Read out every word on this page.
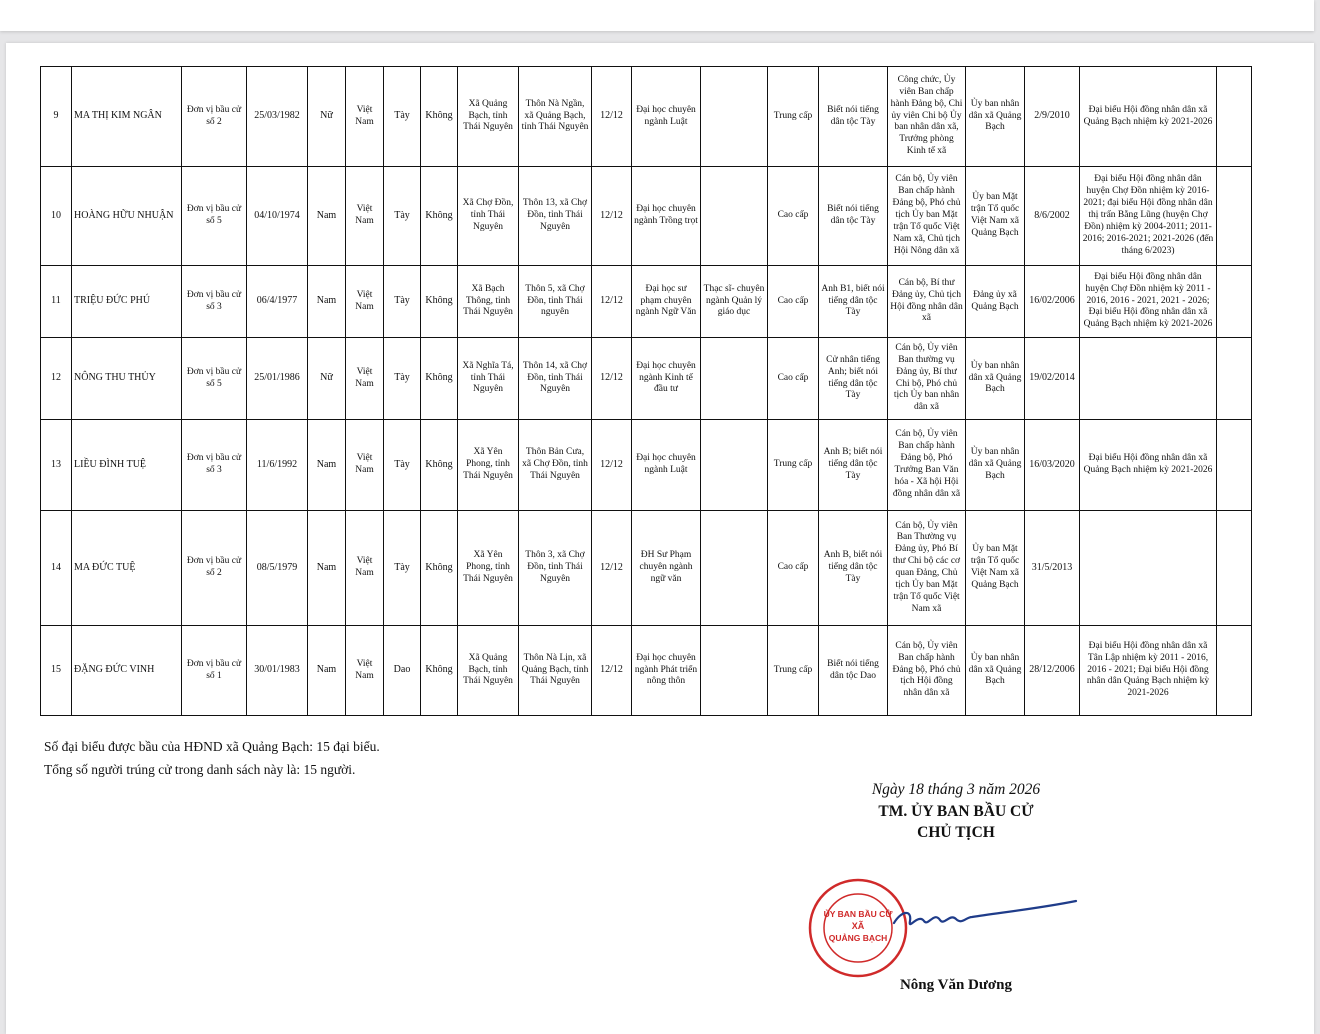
9	MA THỊ KIM NGÂN	Đơn vị bầu cử số 2	25/03/1982	Nữ	Việt Nam	Tày	Không	Xã Quảng Bạch, tỉnh Thái Nguyên	Thôn Nà Ngần, xã Quảng Bạch, tỉnh Thái Nguyên	12/12	Đại học chuyên ngành Luật		Trung cấp	Biết nói tiếng dân tộc Tày	Công chức, Ủy viên Ban chấp hành Đảng bộ, Chi ủy viên Chi bộ Ủy ban nhân dân xã, Trưởng phòng Kinh tế xã	Ủy ban nhân dân xã Quảng Bạch	2/9/2010	Đại biểu Hội đồng nhân dân xã Quảng Bạch nhiệm kỳ 2021-2026	
10	HOÀNG HỮU NHUẬN	Đơn vị bầu cử số 5	04/10/1974	Nam	Việt Nam	Tày	Không	Xã Chợ Đồn, tỉnh Thái Nguyên	Thôn 13, xã Chợ Đồn, tỉnh Thái Nguyên	12/12	Đại học chuyên ngành Trồng trọt		Cao cấp	Biết nói tiếng dân tộc Tày	Cán bộ, Ủy viên Ban chấp hành Đảng bộ, Phó chủ tịch Ủy ban Mặt trận Tổ quốc Việt Nam xã, Chủ tịch Hội Nông dân xã	Ủy ban Mặt trận Tổ quốc Việt Nam xã Quảng Bạch	8/6/2002	Đại biểu Hội đồng nhân dân huyện Chợ Đồn nhiệm kỳ 2016-2021; đại biểu Hội đồng nhân dân thị trấn Bằng Lũng (huyện Chợ Đồn) nhiệm kỳ 2004-2011; 2011-2016; 2016-2021; 2021-2026 (đến tháng 6/2023)	
11	TRIỆU ĐỨC PHÚ	Đơn vị bầu cử số 3	06/4/1977	Nam	Việt Nam	Tày	Không	Xã Bạch Thông, tỉnh Thái Nguyên	Thôn 5, xã Chợ Đồn, tỉnh Thái nguyên	12/12	Đại học sư phạm chuyên ngành Ngữ Văn	Thạc sĩ- chuyên ngành Quản lý giáo dục	Cao cấp	Anh B1, biết nói tiếng dân tộc Tày	Cán bộ, Bí thư Đảng ủy, Chủ tịch Hội đồng nhân dân xã	Đảng ủy xã Quảng Bạch	16/02/2006	Đại biểu Hội đồng nhân dân huyện Chợ Đồn nhiệm kỳ 2011 - 2016, 2016 - 2021, 2021 - 2026; Đại biểu Hội đồng nhân dân xã Quảng Bạch nhiệm kỳ 2021-2026	
12	NÔNG THU THỦY	Đơn vị bầu cử số 5	25/01/1986	Nữ	Việt Nam	Tày	Không	Xã Nghĩa Tá, tỉnh Thái Nguyên	Thôn 14, xã Chợ Đồn, tỉnh Thái Nguyên	12/12	Đại học chuyên ngành Kinh tế đầu tư		Cao cấp	Cử nhân tiếng Anh; biết nói tiếng dân tộc Tày	Cán bộ, Ủy viên Ban thường vụ Đảng ủy, Bí thư Chi bộ, Phó chủ tịch Ủy ban nhân dân xã	Ủy ban nhân dân xã Quảng Bạch	19/02/2014		
13	LIỀU ĐÌNH TUỆ	Đơn vị bầu cử số 3	11/6/1992	Nam	Việt Nam	Tày	Không	Xã Yên Phong, tỉnh Thái Nguyên	Thôn Bản Cưa, xã Chợ Đồn, tỉnh Thái Nguyên	12/12	Đại học chuyên ngành Luật		Trung cấp	Anh B; biết nói tiếng dân tộc Tày	Cán bộ, Ủy viên Ban chấp hành Đảng bộ, Phó Trưởng Ban Văn hóa - Xã hội Hội đồng nhân dân xã	Ủy ban nhân dân xã Quảng Bạch	16/03/2020	Đại biểu Hội đồng nhân dân xã Quảng Bạch nhiệm kỳ 2021-2026	
14	MA ĐỨC TUỆ	Đơn vị bầu cử số 2	08/5/1979	Nam	Việt Nam	Tày	Không	Xã Yên Phong, tỉnh Thái Nguyên	Thôn 3, xã Chợ Đồn, tỉnh Thái Nguyên	12/12	ĐH Sư Phạm chuyên ngành ngữ văn		Cao cấp	Anh B, biết nói tiếng dân tộc Tày	Cán bộ, Ủy viên Ban Thường vụ Đảng ủy, Phó Bí thư Chi bộ các cơ quan Đảng, Chủ tịch Ủy ban Mặt trận Tổ quốc Việt Nam xã	Ủy ban Mặt trận Tổ quốc Việt Nam xã Quảng Bạch	31/5/2013		
15	ĐẶNG ĐỨC VINH	Đơn vị bầu cử số 1	30/01/1983	Nam	Việt Nam	Dao	Không	Xã Quảng Bạch, tỉnh Thái Nguyên	Thôn Nà Lịn, xã Quảng Bạch, tỉnh Thái Nguyên	12/12	Đại học chuyên ngành Phát triển nông thôn		Trung cấp	Biết nói tiếng dân tộc Dao	Cán bộ, Ủy viên Ban chấp hành Đảng bộ, Phó chủ tịch Hội đồng nhân dân xã	Ủy ban nhân dân xã Quảng Bạch	28/12/2006	Đại biểu Hội đồng nhân dân xã Tân Lập nhiệm kỳ 2011 - 2016, 2016 - 2021; Đại biểu Hội đồng nhân dân Quảng Bạch nhiệm kỳ 2021-2026	
Số đại biểu được bầu của HĐND xã Quảng Bạch: 15 đại biểu.
Tổng số người trúng cử trong danh sách này là: 15 người.
Ngày 18 tháng 3 năm 2026
TM. ỦY BAN BẦU CỬ
CHỦ TỊCH
ỦY BAN BẦU CỬ
XÃ
QUẢNG BẠCH
Nông Văn Dương
